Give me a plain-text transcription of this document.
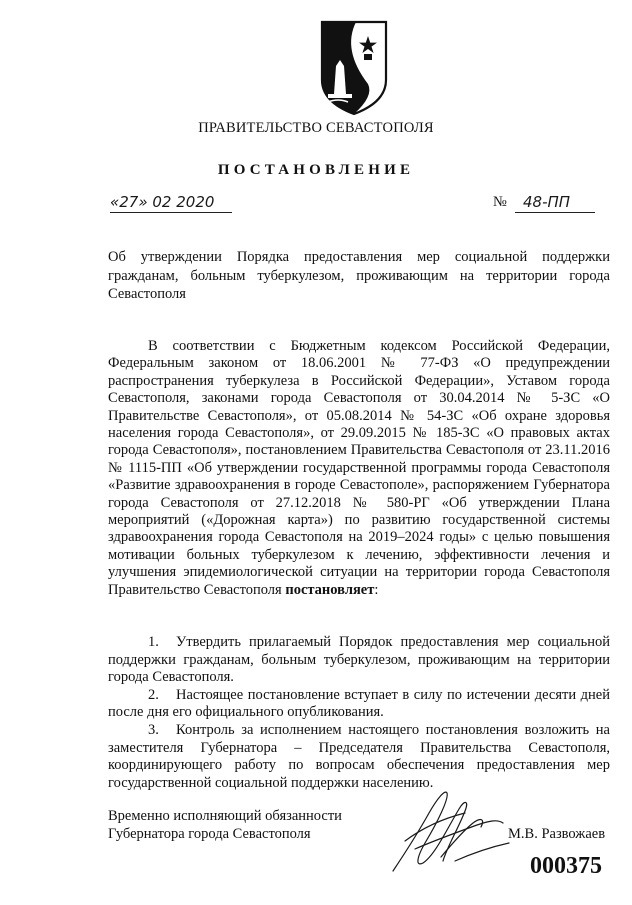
ПРАВИТЕЛЬСТВО СЕВАСТОПОЛЯ
ПОСТАНОВЛЕНИЕ
«27» 02 2020	№ 48-ПП
Об утверждении Порядка предоставления мер социальной поддержки гражданам, больным туберкулезом, проживающим на территории города Севастополя
В соответствии с Бюджетным кодексом Российской Федерации, Федеральным законом от 18.06.2001 № 77-ФЗ «О предупреждении распространения туберкулеза в Российской Федерации», Уставом города Севастополя, законами города Севастополя от 30.04.2014 № 5-ЗС «О Правительстве Севастополя», от 05.08.2014 № 54-ЗС «Об охране здоровья населения города Севастополя», от 29.09.2015 № 185-ЗС «О правовых актах города Севастополя», постановлением Правительства Севастополя от 23.11.2016 № 1115-ПП «Об утверждении государственной программы города Севастополя «Развитие здравоохранения в городе Севастополе», распоряжением Губернатора города Севастополя от 27.12.2018 № 580-РГ «Об утверждении Плана мероприятий («Дорожная карта») по развитию государственной системы здравоохранения города Севастополя на 2019–2024 годы» с целью повышения мотивации больных туберкулезом к лечению, эффективности лечения и улучшения эпидемиологической ситуации на территории города Севастополя Правительство Севастополя постановляет:

1. Утвердить прилагаемый Порядок предоставления мер социальной поддержки гражданам, больным туберкулезом, проживающим на территории города Севастополя.

2. Настоящее постановление вступает в силу по истечении десяти дней после дня его официального опубликования.

3. Контроль за исполнением настоящего постановления возложить на заместителя Губернатора – Председателя Правительства Севастополя, координирующего работу по вопросам обеспечения предоставления мер государственной социальной поддержки населению.

Временно исполняющий обязанности
Губернатора города Севастополя	М.В. Развожаев
000375
